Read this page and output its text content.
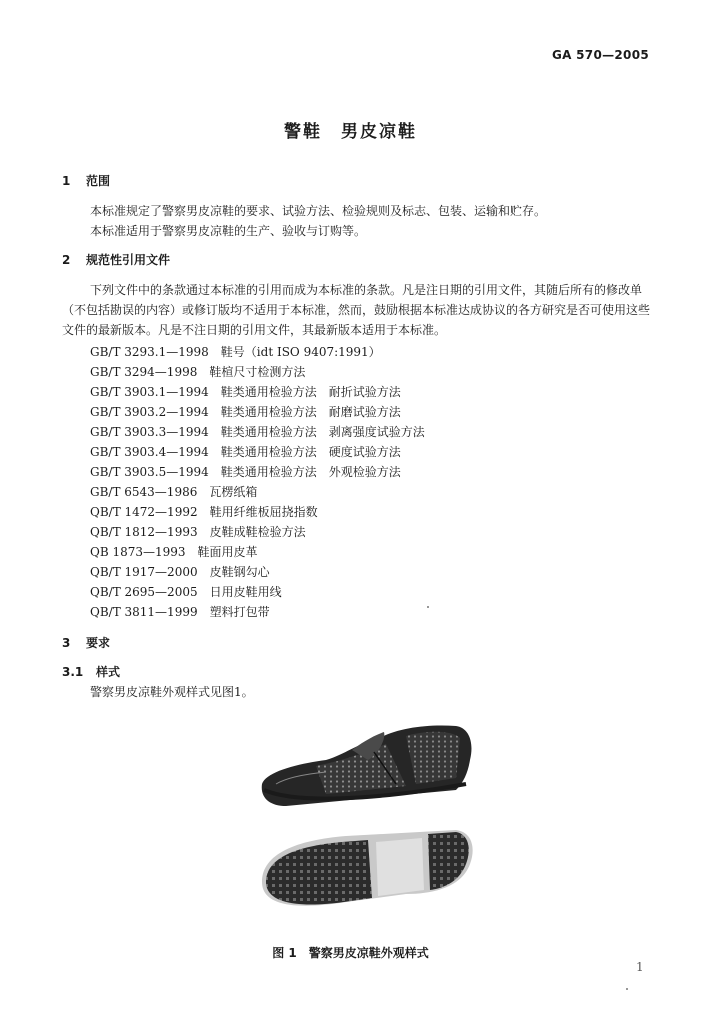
GA 570—2005
警鞋　男皮凉鞋
1 范围
本标准规定了警察男皮凉鞋的要求、试验方法、检验规则及标志、包装、运输和贮存。
本标准适用于警察男皮凉鞋的生产、验收与订购等。
2 规范性引用文件
下列文件中的条款通过本标准的引用而成为本标准的条款。凡是注日期的引用文件，其随后所有的修改单（不包括勘误的内容）或修订版均不适用于本标准，然而，鼓励根据本标准达成协议的各方研究是否可使用这些文件的最新版本。凡是不注日期的引用文件，其最新版本适用于本标准。
GB/T 3293.1—1998　鞋号（idt ISO 9407:1991）
GB/T 3294—1998　鞋楦尺寸检测方法
GB/T 3903.1—1994　鞋类通用检验方法　耐折试验方法
GB/T 3903.2—1994　鞋类通用检验方法　耐磨试验方法
GB/T 3903.3—1994　鞋类通用检验方法　剥离强度试验方法
GB/T 3903.4—1994　鞋类通用检验方法　硬度试验方法
GB/T 3903.5—1994　鞋类通用检验方法　外观检验方法
GB/T 6543—1986　瓦楞纸箱
QB/T 1472—1992　鞋用纤维板屈挠指数
QB/T 1812—1993　皮鞋成鞋检验方法
QB 1873—1993　鞋面用皮革
QB/T 1917—2000　皮鞋钢勾心
QB/T 2695—2005　日用皮鞋用线
QB/T 3811—1999　塑料打包带
3 要求
3.1 样式
警察男皮凉鞋外观样式见图1。
图 1　警察男皮凉鞋外观样式
1
